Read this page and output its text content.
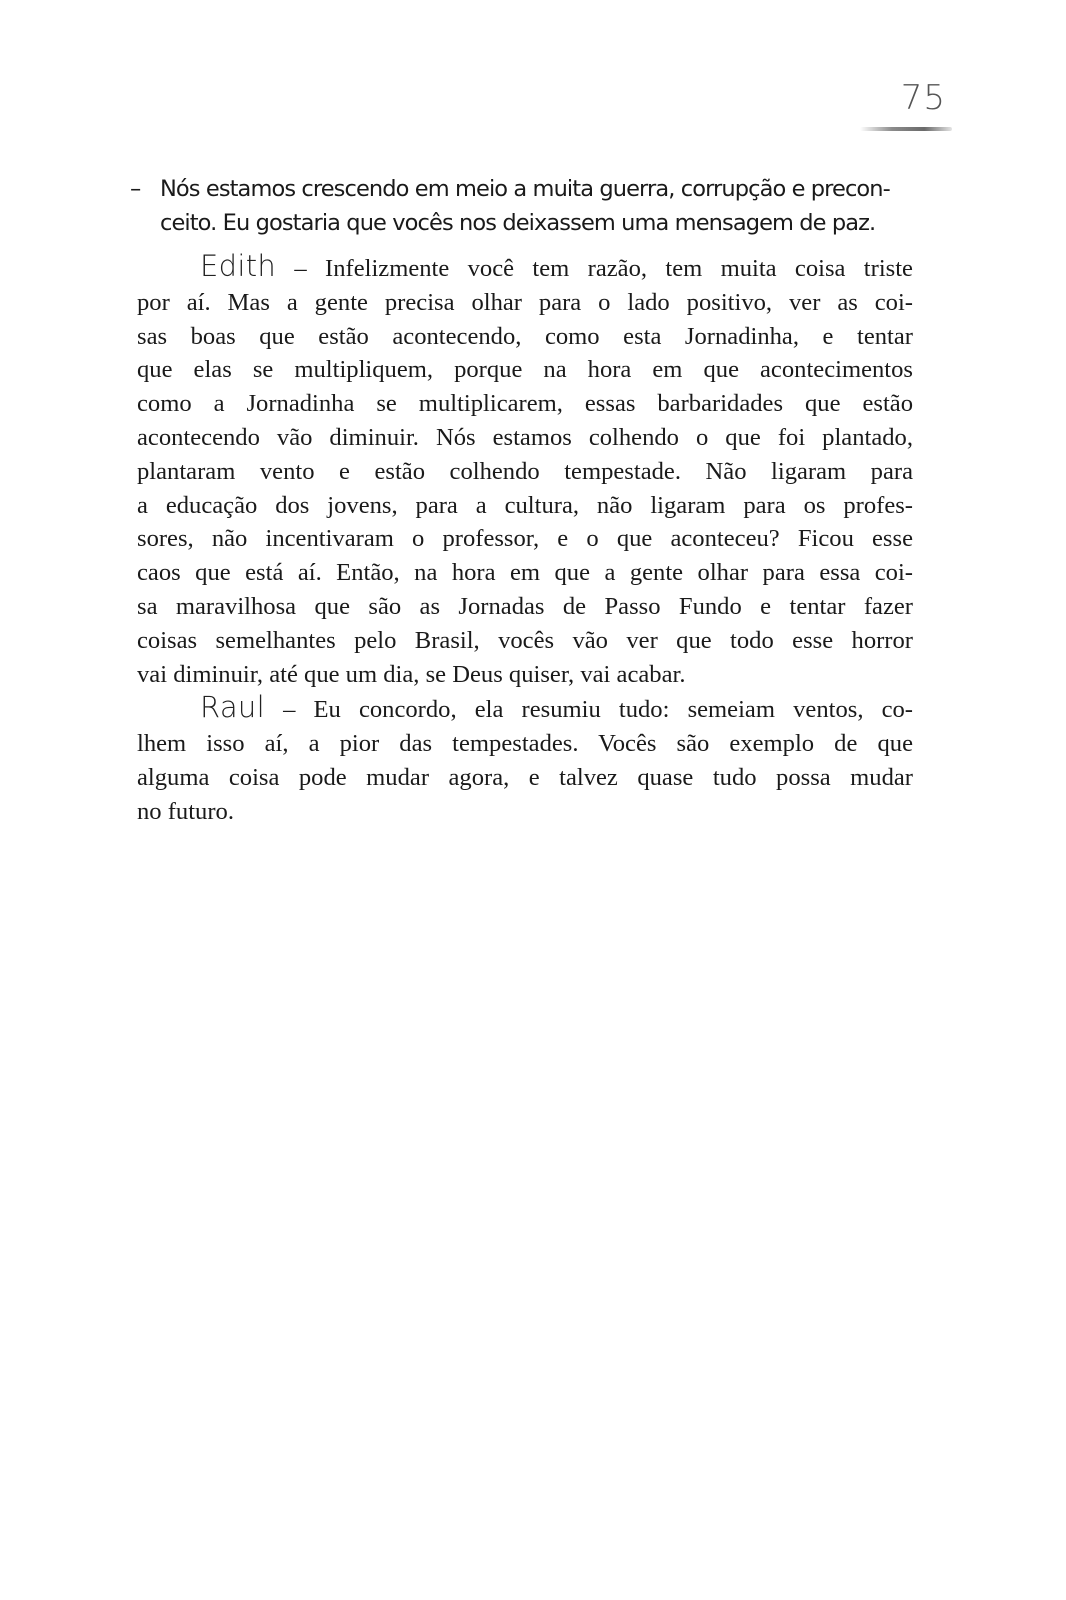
75
– Nós estamos crescendo em meio a muita guerra, corrupção e precon-
ceito. Eu gostaria que vocês nos deixassem uma mensagem de paz.
Edith – Infelizmente você tem razão, tem muita coisa triste
por aí. Mas a gente precisa olhar para o lado positivo, ver as coi-
sas boas que estão acontecendo, como esta Jornadinha, e tentar
que elas se multipliquem, porque na hora em que acontecimentos
como a Jornadinha se multiplicarem, essas barbaridades que estão
acontecendo vão diminuir. Nós estamos colhendo o que foi plantado,
plantaram vento e estão colhendo tempestade. Não ligaram para
a educação dos jovens, para a cultura, não ligaram para os profes-
sores, não incentivaram o professor, e o que aconteceu? Ficou esse
caos que está aí. Então, na hora em que a gente olhar para essa coi-
sa maravilhosa que são as Jornadas de Passo Fundo e tentar fazer
coisas semelhantes pelo Brasil, vocês vão ver que todo esse horror
vai diminuir, até que um dia, se Deus quiser, vai acabar.
Raul – Eu concordo, ela resumiu tudo: semeiam ventos, co-
lhem isso aí, a pior das tempestades. Vocês são exemplo de que
alguma coisa pode mudar agora, e talvez quase tudo possa mudar
no futuro.
